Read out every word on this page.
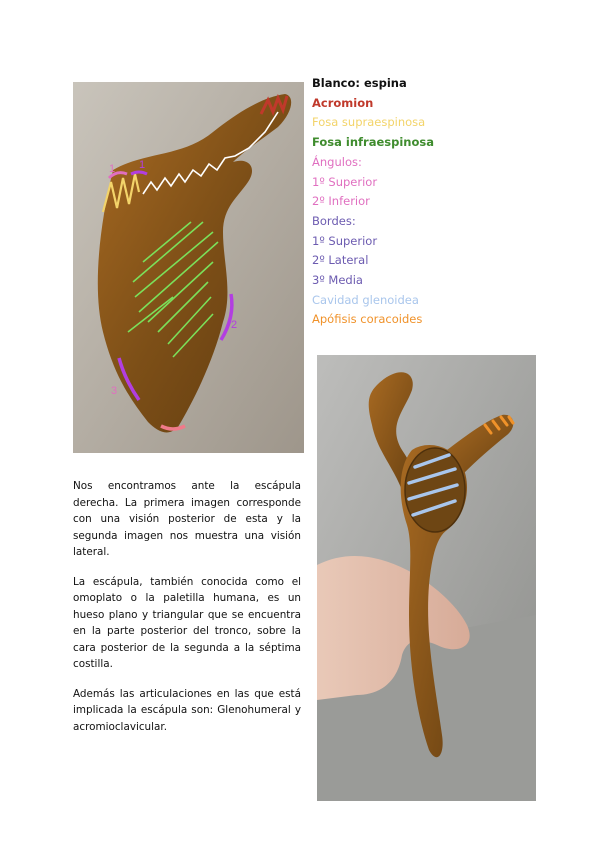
1 1
2
3
Blanco: espina
Acromion
Fosa supraespinosa
Fosa infraespinosa
Ángulos:
1º Superior
2º Inferior
Bordes:
1º Superior
2º Lateral
3º Media
Cavidad glenoidea
Apófisis coracoides

Nos encontramos ante la escápula derecha. La primera imagen corresponde con una visión posterior de esta y la segunda imagen nos muestra una visión lateral.

La escápula, también conocida como el omoplato o la paletilla humana, es un hueso plano y triangular que se encuentra en la parte posterior del tronco, sobre la cara posterior de la segunda a la séptima costilla.

Además las articulaciones en las que está implicada la escápula son: Glenohumeral y acromioclavicular.
